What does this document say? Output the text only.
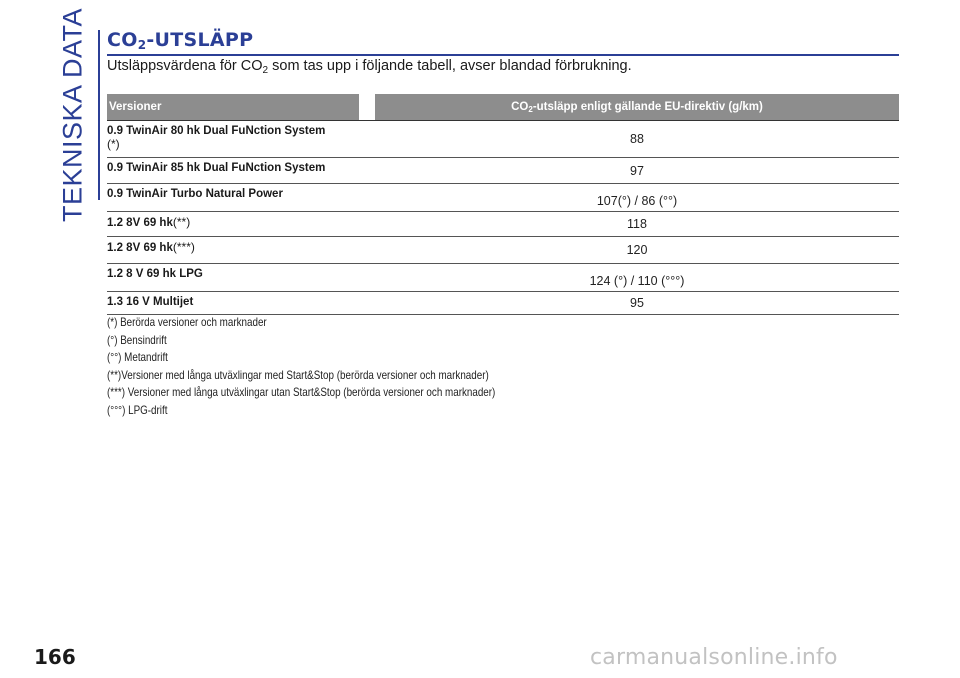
TEKNISKA DATA $CO_2$-UTSLÄPP
Utsläppsvärdena för $CO_2$ som tas upp i följande tabell, avser blandad förbrukning.
Versioner	$CO_2$-utsläpp enligt gällande EU-direktiv (g/km)
0.9 TwinAir 80 hk Dual FuNction System
(*)	88
0.9 TwinAir 85 hk Dual FuNction System	97
0.9 TwinAir Turbo Natural Power	107(°) / 86 (°°)
1.2 8V 69 hk(**)	118
1.2 8V 69 hk(***)	120
1.2 8 V 69 hk LPG	124 (°) / 110 (°°°)
1.3 16 V Multijet	95
(*) Berörda versioner och marknader
(°) Bensindrift
(°°) Metandrift
(**)Versioner med långa utväxlingar med Start&Stop (berörda versioner och marknader)
(***) Versioner med långa utväxlingar utan Start&Stop (berörda versioner och marknader)
(°°°) LPG-drift
166	carmanualsonline.info
